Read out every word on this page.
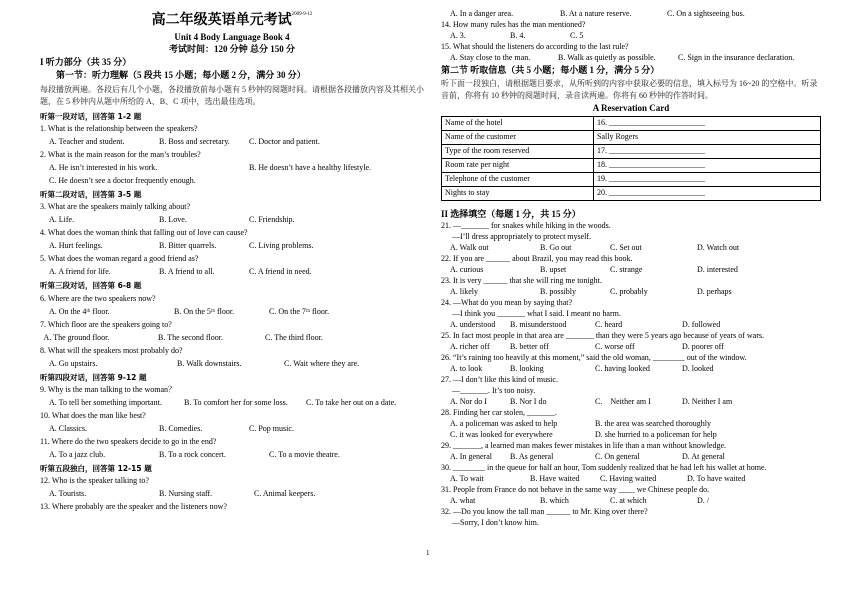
高二年级英语单元考试$^{2009-9-12}$
Unit 4 Body Language Book 4
考试时间：120 分钟 总分 150 分
I 听力部分（共 35 分）
第一节：听力理解（5 段共 15 小题；每小题 2 分，满分 30 分）
每段播放两遍。各段后有几个小题，各段播放前每小题有 5 秒钟的阅题时间。请根据各段播放内容及其相关小题，在 5 秒钟内从题中所给的 A、B、C 项中，选出最佳选项。
听第一段对话，回答第 1-2 题
1. What is the relationship between the speakers?
A. Teacher and student.	B. Boss and secretary.	C. Doctor and patient.
2. What is the main reason for the man’s troubles?
A. He isn’t interested in his work.	B. He doesn’t have a healthy lifestyle.
C. He doesn’t see a doctor frequently enough.
听第二段对话，回答第 3-5 题
3. What are the speakers mainly talking about?
A. Life.	B. Love.	C. Friendship.
4. What does the woman think that falling out of love can cause?
A. Hurt feelings.	B. Bitter quarrels.	C. Living problems.
5. What does the woman regard a good friend as?
A. A friend for life.	B. A friend to all.	C. A friend in need.
听第三段对话，回答第 6-8 题
6. Where are the two speakers now?
A. On the 4ᵗʰ floor.	B. On the 5ᵗʰ floor.	C. On the 7ᵗʰ floor.
7. Which floor are the speakers going to?
A. The ground floor.	B. The second floor.	C. The third floor.
8. What will the speakers most probably do?
A. Go upstairs.	B. Walk downstairs.	C. Wait where they are.
听第四段对话，回答第 9-12 题
9. Why is the man talking to the woman？
A. To tell her something important.	B. To comfort her for some loss.	C. To take her out on a date.
10. What does the man like best?
A. Classics.	B. Comedies.	C. Pop music.
11. Where do the two speakers decide to go in the end?
A. To a jazz club.	B. To a rock concert.	C. To a movie theatre.
听第五段独白，回答第 12-15 题
12. Who is the speaker talking to?
A. Tourists.	B. Nursing staff.	C. Animal keepers.
13. Where probably are the speaker and the listeners now?
A. In a danger area.	B. At a nature reserve.	C. On a sightseeing bus.
14. How many rules has the man mentioned?
A. 3.	B. 4.	C. 5
15. What should the listeners do according to the last rule?
A. Stay close to the man.	B. Walk as quietly as possible.	C. Sign in the insurance declaration.
第二节 听取信息（共 5 小题；每小题 1 分，满分 5 分）
听下面一段独白，请根据题目要求，从所听到的内容中获取必要的信息，填入标号为 16~20 的空格中。听录音前，你将有 10 秒钟的阅题时间，录音读两遍。你将有 60 秒钟的作答时间。
A Reservation Card
Name of the hotel	16. ________________________
Name of the customer	Sally Rogers
Type of the room reserved	17. ________________________
Room rate per night	18. ________________________
Telephone of the customer	19. ________________________
Nights to stay	20. ________________________
II 选择填空（每题 1 分，共 15 分）
21. —_______ for snakes while hiking in the woods.
—I’ll dress appropriately to protect myself.
A. Walk out	B. Go out	C. Set out	D. Watch out
22. If you are ______ about Brazil, you may read this book.
A. curious	B. upset	C. strange	D. interested
23. It is very ______ that she will ring me tonight.
A. likely	B. possibly	C. probably	D. perhaps
24. —What do you mean by saying that?
—I think you _______ what I said. I meant no harm.
A. understood	B. misunderstood	C. heard	D. followed
25. In fact most people in that area are _______ than they were 5 years ago because of years of wars.
A. richer off	B. better off	C. worse off	D. poorer off
26. “It’s raining too heavily at this moment,” said the old woman, ________ out of the window.
A. to look	B. looking	C. having looked	D. looked
27. —I don’t like this kind of music.
—_______. It’s too noisy.
A. Nor do I	B. Nor I do	C.    Neither am I	D. Neither I am
28. Finding her car stolen, _______.
A. a policeman was asked to help	B. the area was searched thoroughly
C. it was looked for everywhere	D. she hurried to a policeman for help
29. _______, a learned man makes fewer mistakes in life than a man without knowledge.
A. In general	B. As general	C. On general	D. At general
30. ________ in the queue for half an hour, Tom suddenly realized that he had left his wallet at home.
A. To wait	B. Have waited	C. Having waited	D. To have waited
31. People from France do not behave in the same way ____ we Chinese people do.
A. what	B. which	C. at which	D. /
32. —Do you know the tall man ______ to Mr. King over there?
—Sorry, I don’t know him.
1
